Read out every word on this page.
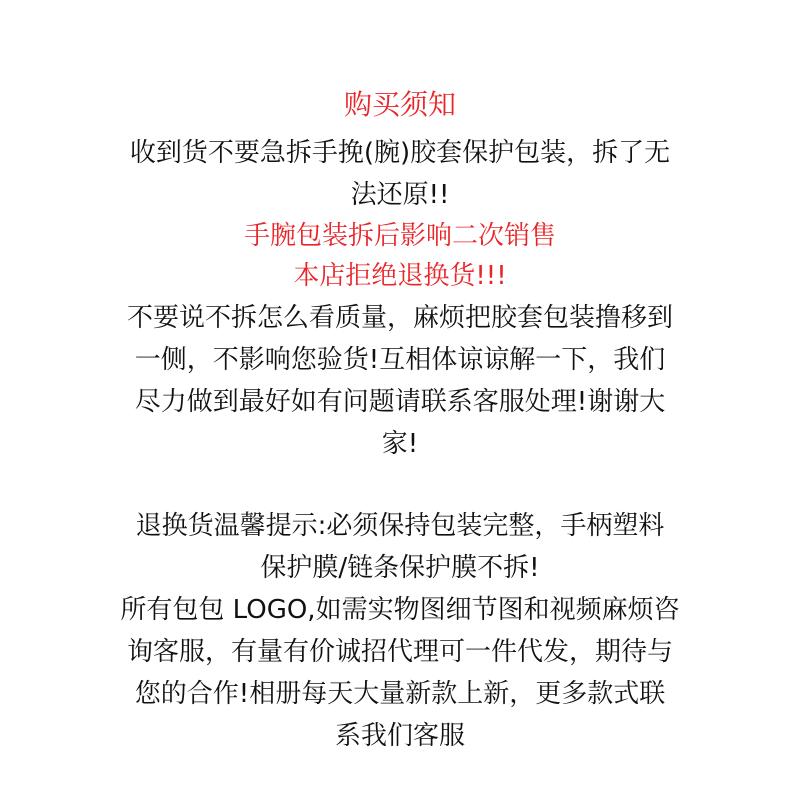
购买须知
收到货不要急拆手挽(腕)胶套保护包装，拆了无
法还原!!
手腕包装拆后影响二次销售
本店拒绝退换货!!!
不要说不拆怎么看质量，麻烦把胶套包装撸移到
一侧，不影响您验货!互相体谅谅解一下，我们
尽力做到最好如有问题请联系客服处理!谢谢大
家!
退换货温馨提示:必须保持包装完整，手柄塑料
保护膜/链条保护膜不拆!
所有包包 LOGO,如需实物图细节图和视频麻烦咨
询客服，有量有价诚招代理可一件代发，期待与
您的合作!相册每天大量新款上新，更多款式联
系我们客服
